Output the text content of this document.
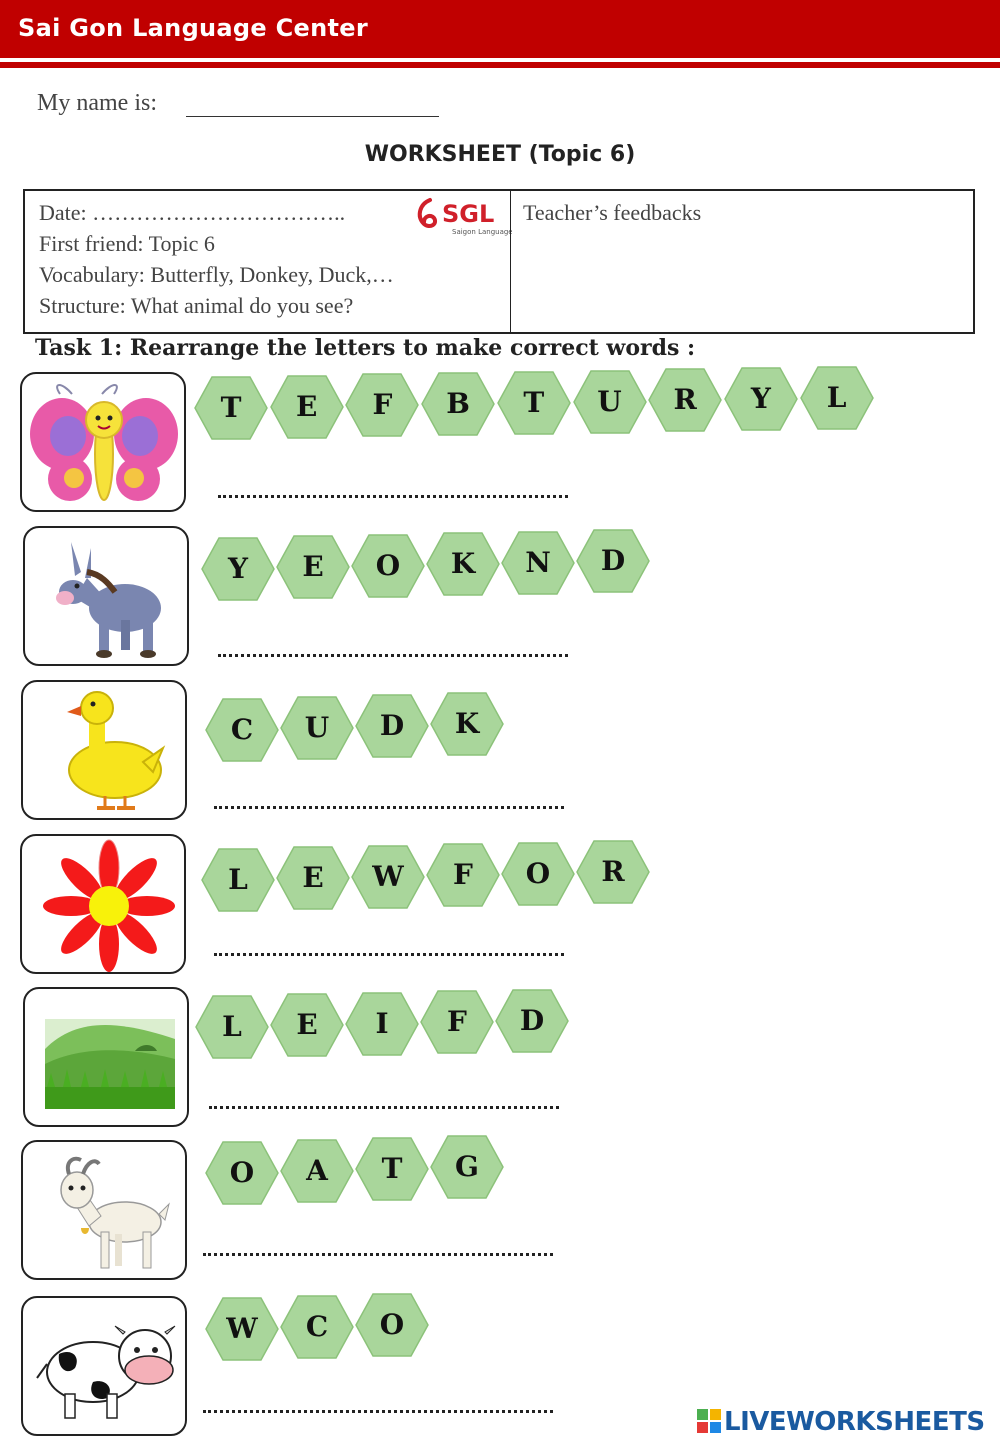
Sai Gon Language Center
My name is:
WORKSHEET (Topic 6)
Date: ……………………………..
First friend: Topic 6
Vocabulary: Butterfly, Donkey, Duck,…
Structure: What animal do you see?
SGL
Saigon Language
Teacher’s feedbacks
Task 1: Rearrange the letters to make correct words :
T	E	F	B	T	U	R	Y	L
Y	E	O	K	N	D
C	U	D	K
L	E	W	F	O	R
L	E	I	F	D
O	A	T	G
W	C	O
LIVEWORKSHEETS
